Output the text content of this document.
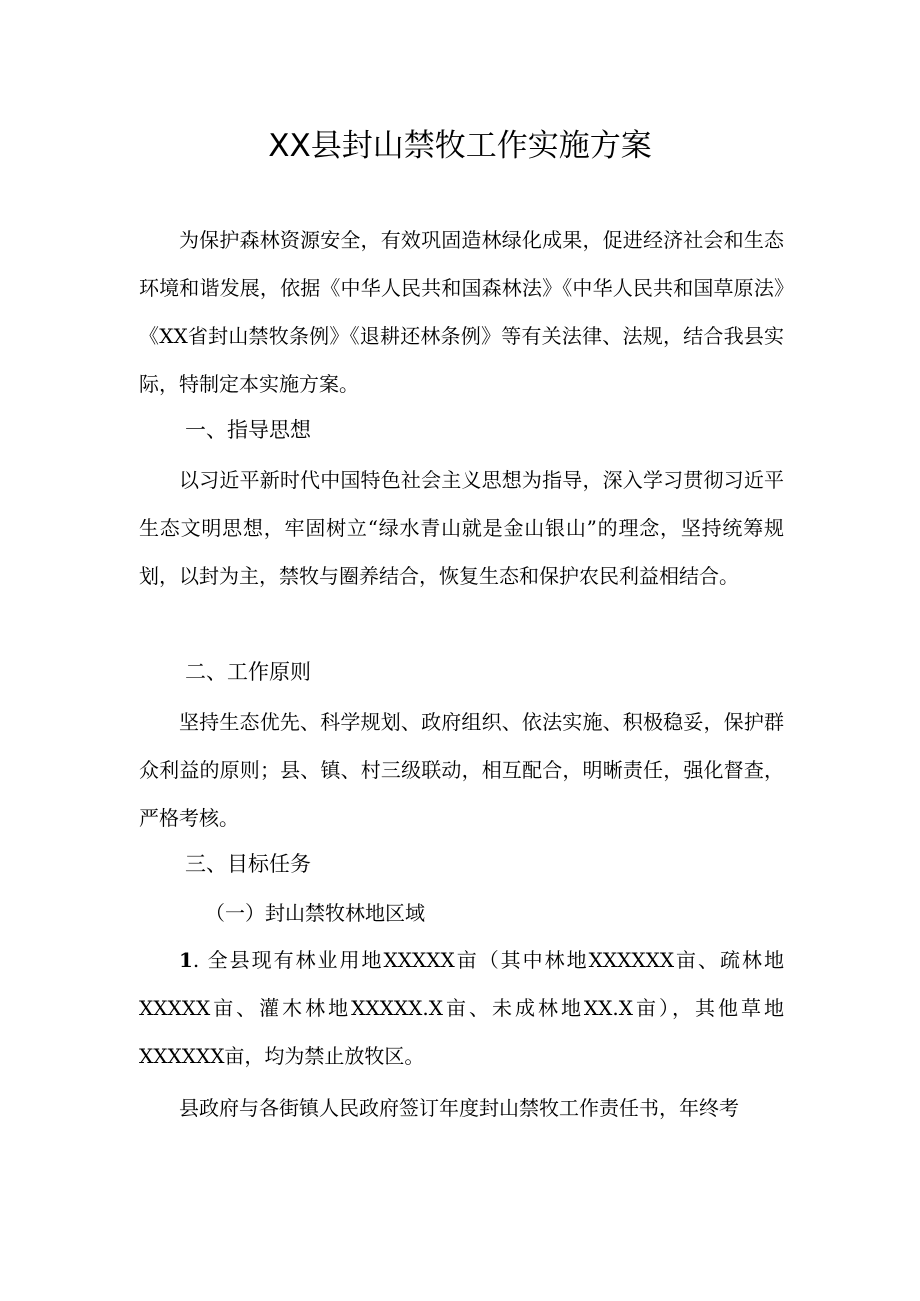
XX县封山禁牧工作实施方案

为保护森林资源安全，有效巩固造林绿化成果，促进经济社会和生态环境和谐发展，依据《中华人民共和国森林法》《中华人民共和国草原法》《XX省封山禁牧条例》《退耕还林条例》等有关法律、法规，结合我县实际，特制定本实施方案。

一、指导思想

以习近平新时代中国特色社会主义思想为指导，深入学习贯彻习近平生态文明思想，牢固树立“绿水青山就是金山银山”的理念，坚持统筹规划，以封为主，禁牧与圈养结合，恢复生态和保护农民利益相结合。

二、工作原则

坚持生态优先、科学规划、政府组织、依法实施、积极稳妥，保护群众利益的原则；县、镇、村三级联动，相互配合，明晰责任，强化督查，严格考核。

三、目标任务

（一）封山禁牧林地区域

1. 全县现有林业用地XXXXX亩（其中林地XXXXXX亩、疏林地XXXXX亩、灌木林地XXXXX.X亩、未成林地XX.X亩），其他草地XXXXXX亩，均为禁止放牧区。

县政府与各街镇人民政府签订年度封山禁牧工作责任书，年终考
